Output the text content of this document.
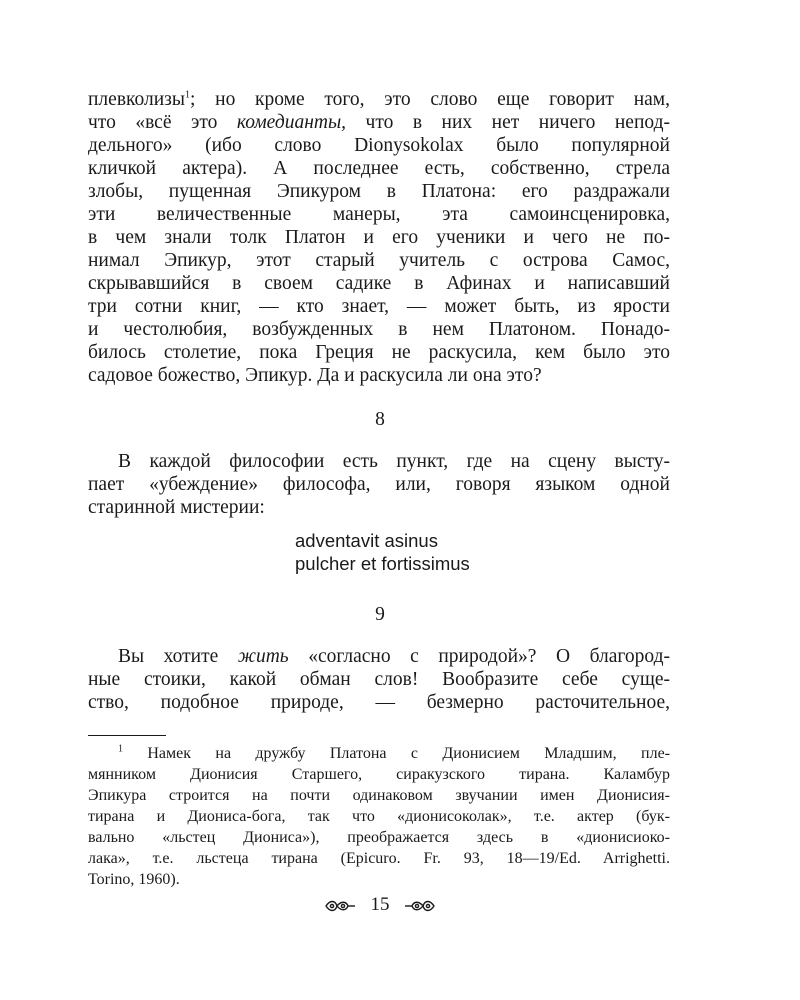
плевколизы$^1$; но кроме того, это слово еще говорит нам,
что «всё это комедианты, что в них нет ничего непод-
дельного» (ибо слово Dionysokolax было популярной
кличкой актера). А последнее есть, собственно, стрела
злобы, пущенная Эпикуром в Платона: его раздражали
эти величественные манеры, эта самоинсценировка,
в чем знали толк Платон и его ученики и чего не по-
нимал Эпикур, этот старый учитель с острова Самос,
скрывавшийся в своем садике в Афинах и написавший
три сотни книг, — кто знает, — может быть, из ярости
и честолюбия, возбужденных в нем Платоном. Понадо-
билось столетие, пока Греция не раскусила, кем было это
садовое божество, Эпикур. Да и раскусила ли она это?
8
В каждой философии есть пункт, где на сцену высту-
пает «убеждение» философа, или, говоря языком одной
старинной мистерии:
adventavit asinus
pulcher et fortissimus
9
Вы хотите жить «согласно с природой»? О благород-
ные стоики, какой обман слов! Вообразите себе суще-
ство, подобное природе, — безмерно расточительное,
$^1$ Намек на дружбу Платона с Дионисием Младшим, пле-
мянником Дионисия Старшего, сиракузского тирана. Каламбур
Эпикура строится на почти одинаковом звучании имен Дионисия-
тирана и Диониса-бога, так что «дионисоколак», т.е. актер (бук-
вально «льстец Диониса»), преображается здесь в «дионисиоко-
лака», т.е. льстеца тирана (Epicuro. Fr. 93, 18—19/Ed. Arrighetti.
Torino, 1960).
15
